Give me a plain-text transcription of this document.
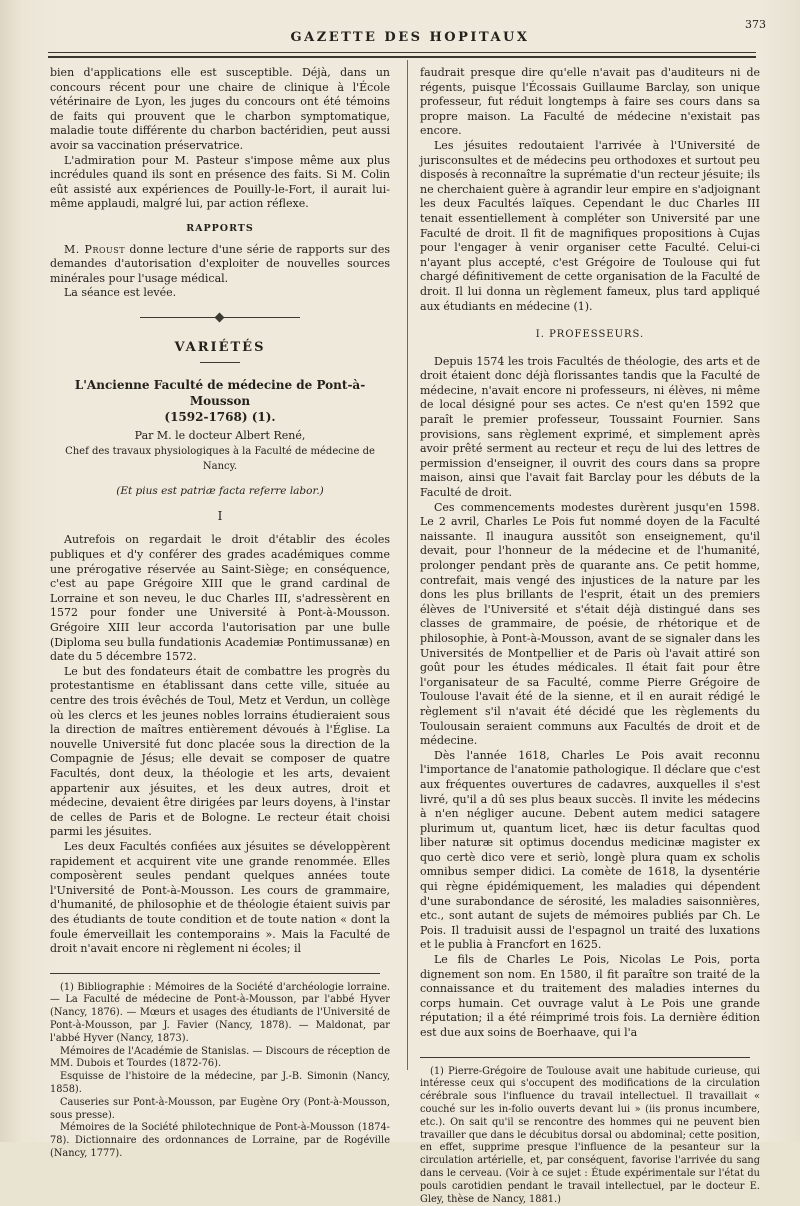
GAZETTE DES HOPITAUX
373

bien d'applications elle est susceptible. Déjà, dans un concours récent pour une chaire de clinique à l'École vétérinaire de Lyon, les juges du concours ont été témoins de faits qui prouvent que le charbon symptomatique, maladie toute différente du charbon bactéridien, peut aussi avoir sa vaccination préservatrice.

L'admiration pour M. Pasteur s'impose même aux plus incrédules quand ils sont en présence des faits. Si M. Colin eût assisté aux expériences de Pouilly-le-Fort, il aurait lui-même applaudi, malgré lui, par action réflexe.

RAPPORTS

M. Proust donne lecture d'une série de rapports sur des demandes d'autorisation d'exploiter de nouvelles sources minérales pour l'usage médical.

La séance est levée.

VARIÉTÉS
L'Ancienne Faculté de médecine de Pont-à-Mousson
(1592-1768) (1).
Par M. le docteur Albert René,
Chef des travaux physiologiques à la Faculté de médecine de Nancy.
(Et pius est patriæ facta referre labor.)
I

Autrefois on regardait le droit d'établir des écoles publiques et d'y conférer des grades académiques comme une prérogative réservée au Saint-Siège; en conséquence, c'est au pape Grégoire XIII que le grand cardinal de Lorraine et son neveu, le duc Charles III, s'adressèrent en 1572 pour fonder une Université à Pont-à-Mousson. Grégoire XIII leur accorda l'autorisation par une bulle (Diploma seu bulla fundationis Academiæ Pontimussanæ) en date du 5 décembre 1572.

Le but des fondateurs était de combattre les progrès du protestantisme en établissant dans cette ville, située au centre des trois évêchés de Toul, Metz et Verdun, un collège où les clercs et les jeunes nobles lorrains étudieraient sous la direction de maîtres entièrement dévoués à l'Église. La nouvelle Université fut donc placée sous la direction de la Compagnie de Jésus; elle devait se composer de quatre Facultés, dont deux, la théologie et les arts, devaient appartenir aux jésuites, et les deux autres, droit et médecine, devaient être dirigées par leurs doyens, à l'instar de celles de Paris et de Bologne. Le recteur était choisi parmi les jésuites.

Les deux Facultés confiées aux jésuites se développèrent rapidement et acquirent vite une grande renommée. Elles composèrent seules pendant quelques années toute l'Université de Pont-à-Mousson. Les cours de grammaire, d'humanité, de philosophie et de théologie étaient suivis par des étudiants de toute condition et de toute nation « dont la foule émerveillait les contemporains ». Mais la Faculté de droit n'avait encore ni règlement ni écoles; il

(1) Bibliographie : Mémoires de la Société d'archéologie lorraine. — La Faculté de médecine de Pont-à-Mousson, par l'abbé Hyver (Nancy, 1876). — Mœurs et usages des étudiants de l'Université de Pont-à-Mousson, par J. Favier (Nancy, 1878). — Maldonat, par l'abbé Hyver (Nancy, 1873).

Mémoires de l'Académie de Stanislas. — Discours de réception de MM. Dubois et Tourdes (1872-76).

Esquisse de l'histoire de la médecine, par J.-B. Simonin (Nancy, 1858).

Causeries sur Pont-à-Mousson, par Eugène Ory (Pont-à-Mousson, sous presse).

Mémoires de la Société philotechnique de Pont-à-Mousson (1874-78). Dictionnaire des ordonnances de Lorraine, par de Rogéville (Nancy, 1777).

faudrait presque dire qu'elle n'avait pas d'auditeurs ni de régents, puisque l'Écossais Guillaume Barclay, son unique professeur, fut réduit longtemps à faire ses cours dans sa propre maison. La Faculté de médecine n'existait pas encore.

Les jésuites redoutaient l'arrivée à l'Université de jurisconsultes et de médecins peu orthodoxes et surtout peu disposés à reconnaître la suprématie d'un recteur jésuite; ils ne cherchaient guère à agrandir leur empire en s'adjoignant les deux Facultés laïques. Cependant le duc Charles III tenait essentiellement à compléter son Université par une Faculté de droit. Il fit de magnifiques propositions à Cujas pour l'engager à venir organiser cette Faculté. Celui-ci n'ayant plus accepté, c'est Grégoire de Toulouse qui fut chargé définitivement de cette organisation de la Faculté de droit. Il lui donna un règlement fameux, plus tard appliqué aux étudiants en médecine (1).

I. PROFESSEURS.

Depuis 1574 les trois Facultés de théologie, des arts et de droit étaient donc déjà florissantes tandis que la Faculté de médecine, n'avait encore ni professeurs, ni élèves, ni même de local désigné pour ses actes. Ce n'est qu'en 1592 que paraît le premier professeur, Toussaint Fournier. Sans provisions, sans règlement exprimé, et simplement après avoir prêté serment au recteur et reçu de lui des lettres de permission d'enseigner, il ouvrit des cours dans sa propre maison, ainsi que l'avait fait Barclay pour les débuts de la Faculté de droit.

Ces commencements modestes durèrent jusqu'en 1598. Le 2 avril, Charles Le Pois fut nommé doyen de la Faculté naissante. Il inaugura aussitôt son enseignement, qu'il devait, pour l'honneur de la médecine et de l'humanité, prolonger pendant près de quarante ans. Ce petit homme, contrefait, mais vengé des injustices de la nature par les dons les plus brillants de l'esprit, était un des premiers élèves de l'Université et s'était déjà distingué dans ses classes de grammaire, de poésie, de rhétorique et de philosophie, à Pont-à-Mousson, avant de se signaler dans les Universités de Montpellier et de Paris où l'avait attiré son goût pour les études médicales. Il était fait pour être l'organisateur de sa Faculté, comme Pierre Grégoire de Toulouse l'avait été de la sienne, et il en aurait rédigé le règlement s'il n'avait été décidé que les règlements du Toulousain seraient communs aux Facultés de droit et de médecine.

Dès l'année 1618, Charles Le Pois avait reconnu l'importance de l'anatomie pathologique. Il déclare que c'est aux fréquentes ouvertures de cadavres, auxquelles il s'est livré, qu'il a dû ses plus beaux succès. Il invite les médecins à n'en négliger aucune. Debent autem medici satagere plurimum ut, quantum licet, hæc iis detur facultas quod liber naturæ sit optimus docendus medicinæ magister ex quo certè dico vere et seriò, longè plura quam ex scholis omnibus semper didici. La comète de 1618, la dysentérie qui règne épidémiquement, les maladies qui dépendent d'une surabondance de sérosité, les maladies saisonnières, etc., sont autant de sujets de mémoires publiés par Ch. Le Pois. Il traduisit aussi de l'espagnol un traité des luxations et le publia à Francfort en 1625.

Le fils de Charles Le Pois, Nicolas Le Pois, porta dignement son nom. En 1580, il fit paraître son traité de la connaissance et du traitement des maladies internes du corps humain. Cet ouvrage valut à Le Pois une grande réputation; il a été réimprimé trois fois. La dernière édition est due aux soins de Boerhaave, qui l'a

(1) Pierre-Grégoire de Toulouse avait une habitude curieuse, qui intéresse ceux qui s'occupent des modifications de la circulation cérébrale sous l'influence du travail intellectuel. Il travaillait « couché sur les in-folio ouverts devant lui » (iis pronus incumbere, etc.). On sait qu'il se rencontre des hommes qui ne peuvent bien travailler que dans le décubitus dorsal ou abdominal; cette position, en effet, supprime presque l'influence de la pesanteur sur la circulation artérielle, et, par conséquent, favorise l'arrivée du sang dans le cerveau. (Voir à ce sujet : Étude expérimentale sur l'état du pouls carotidien pendant le travail intellectuel, par le docteur E. Gley, thèse de Nancy, 1881.)
